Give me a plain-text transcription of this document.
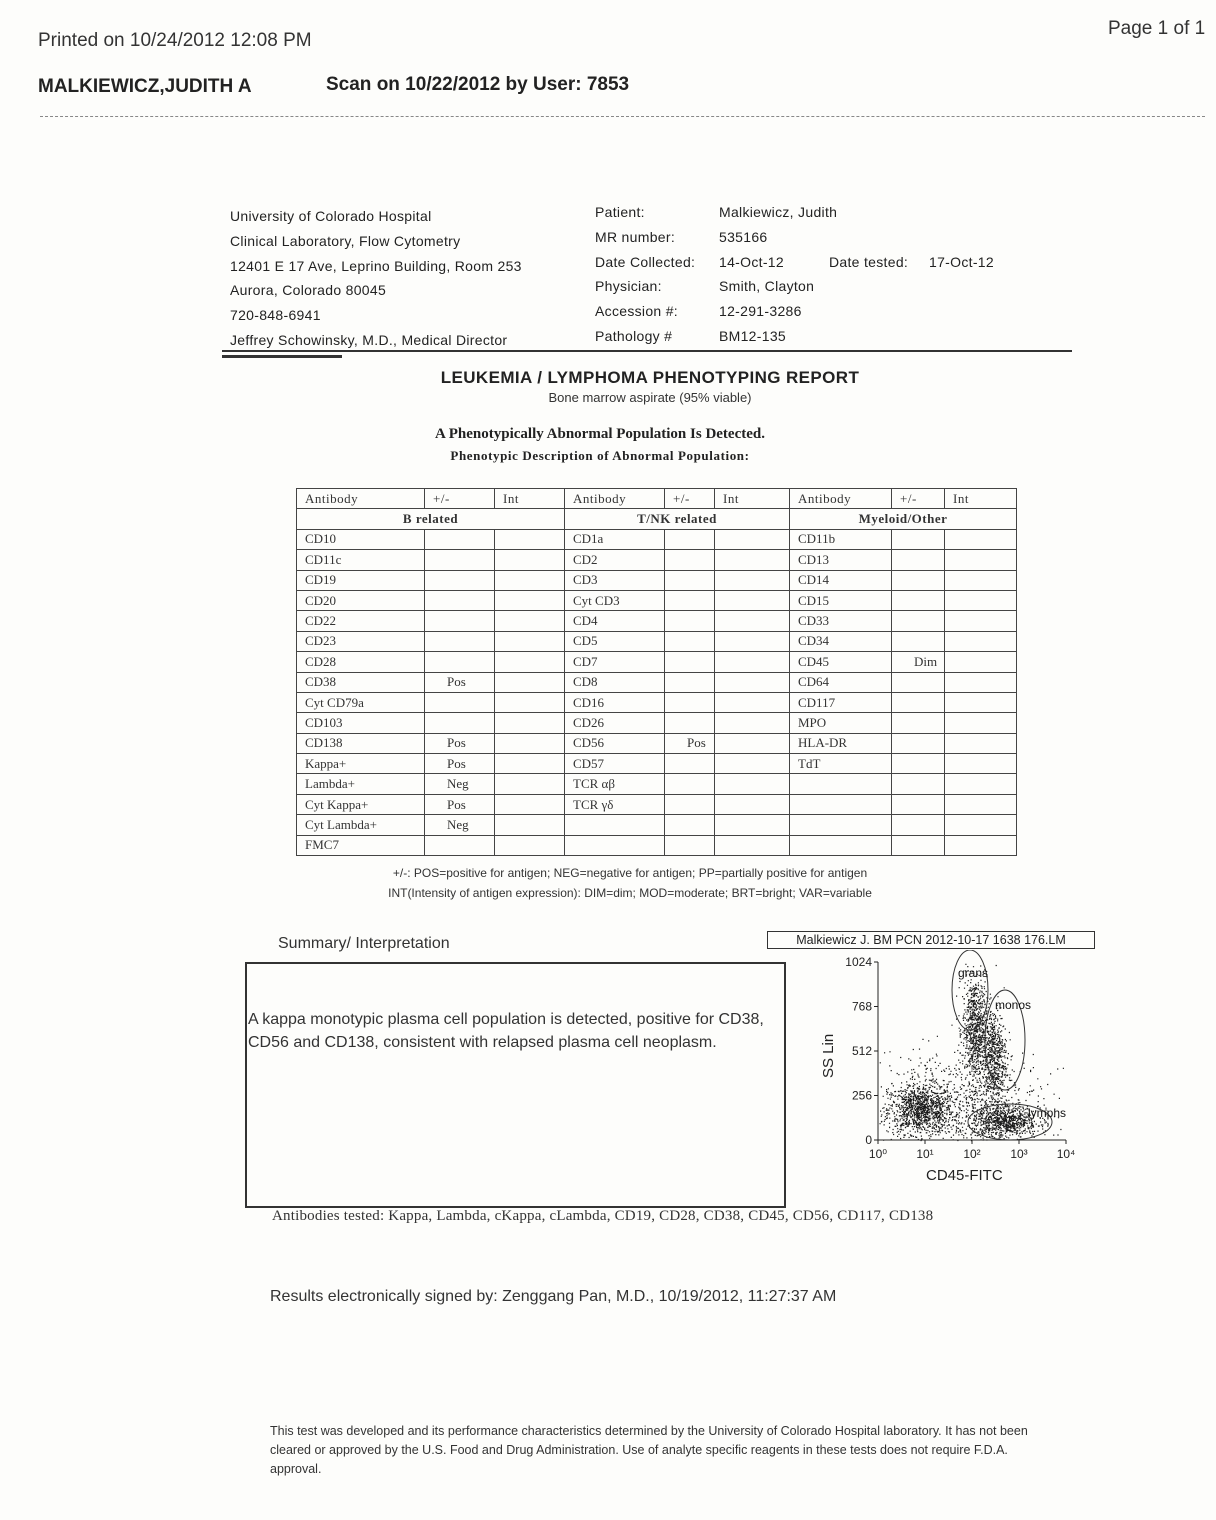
Printed on 10/24/2012 12:08 PM
Page 1 of 1
MALKIEWICZ,JUDITH A	Scan on 10/22/2012 by User: 7853
University of Colorado Hospital
Clinical Laboratory, Flow Cytometry
12401 E 17 Ave, Leprino Building, Room 253
Aurora, Colorado 80045
720-848-6941
Jeffrey Schowinsky, M.D., Medical Director
Patient:	Malkiewicz, Judith
MR number:	535166
Date Collected: 14-Oct-12	Date tested: 17-Oct-12
Physician:	Smith, Clayton
Accession #:	12-291-3286
Pathology #	BM12-135
LEUKEMIA / LYMPHOMA PHENOTYPING REPORT
Bone marrow aspirate (95% viable)
A Phenotypically Abnormal Population Is Detected.
Phenotypic Description of Abnormal Population:
Antibody	+/-	Int	Antibody	+/-	Int	Antibody	+/-	Int
B related			T/NK related			Myeloid/Other		
CD10			CD1a			CD11b		
CD11c			CD2			CD13		
CD19			CD3			CD14		
CD20			Cyt CD3			CD15		
CD22			CD4			CD33		
CD23			CD5			CD34		
CD28			CD7			CD45	Dim	
CD38	Pos		CD8			CD64		
Cyt CD79a			CD16			CD117		
CD103			CD26			MPO		
CD138	Pos		CD56	Pos		HLA-DR		
Kappa+	Pos		CD57			TdT		
Lambda+	Neg		TCR αβ					
Cyt Kappa+	Pos		TCR γδ					
Cyt Lambda+	Neg							
FMC7								
+/-: POS=positive for antigen; NEG=negative for antigen; PP=partially positive for antigen
INT(Intensity of antigen expression): DIM=dim; MOD=moderate; BRT=bright; VAR=variable
Summary/ Interpretation
A kappa monotypic plasma cell population is detected, positive for CD38, CD56 and CD138, consistent with relapsed plasma cell neoplasm.
Malkiewicz J. BM PCN 2012-10-17 1638 176.LM
0
256
512
768
1024
10⁰ 10¹ 10² 10³ 10⁴
grans
monos
lymphs
CD45-FITC
SS Lin
Antibodies tested: Kappa, Lambda, cKappa, cLambda, CD19, CD28, CD38, CD45, CD56, CD117, CD138
Results electronically signed by: Zenggang Pan, M.D., 10/19/2012, 11:27:37 AM
This test was developed and its performance characteristics determined by the University of Colorado Hospital laboratory. It has not been cleared or approved by the U.S. Food and Drug Administration. Use of analyte specific reagents in these tests does not require F.D.A. approval.
